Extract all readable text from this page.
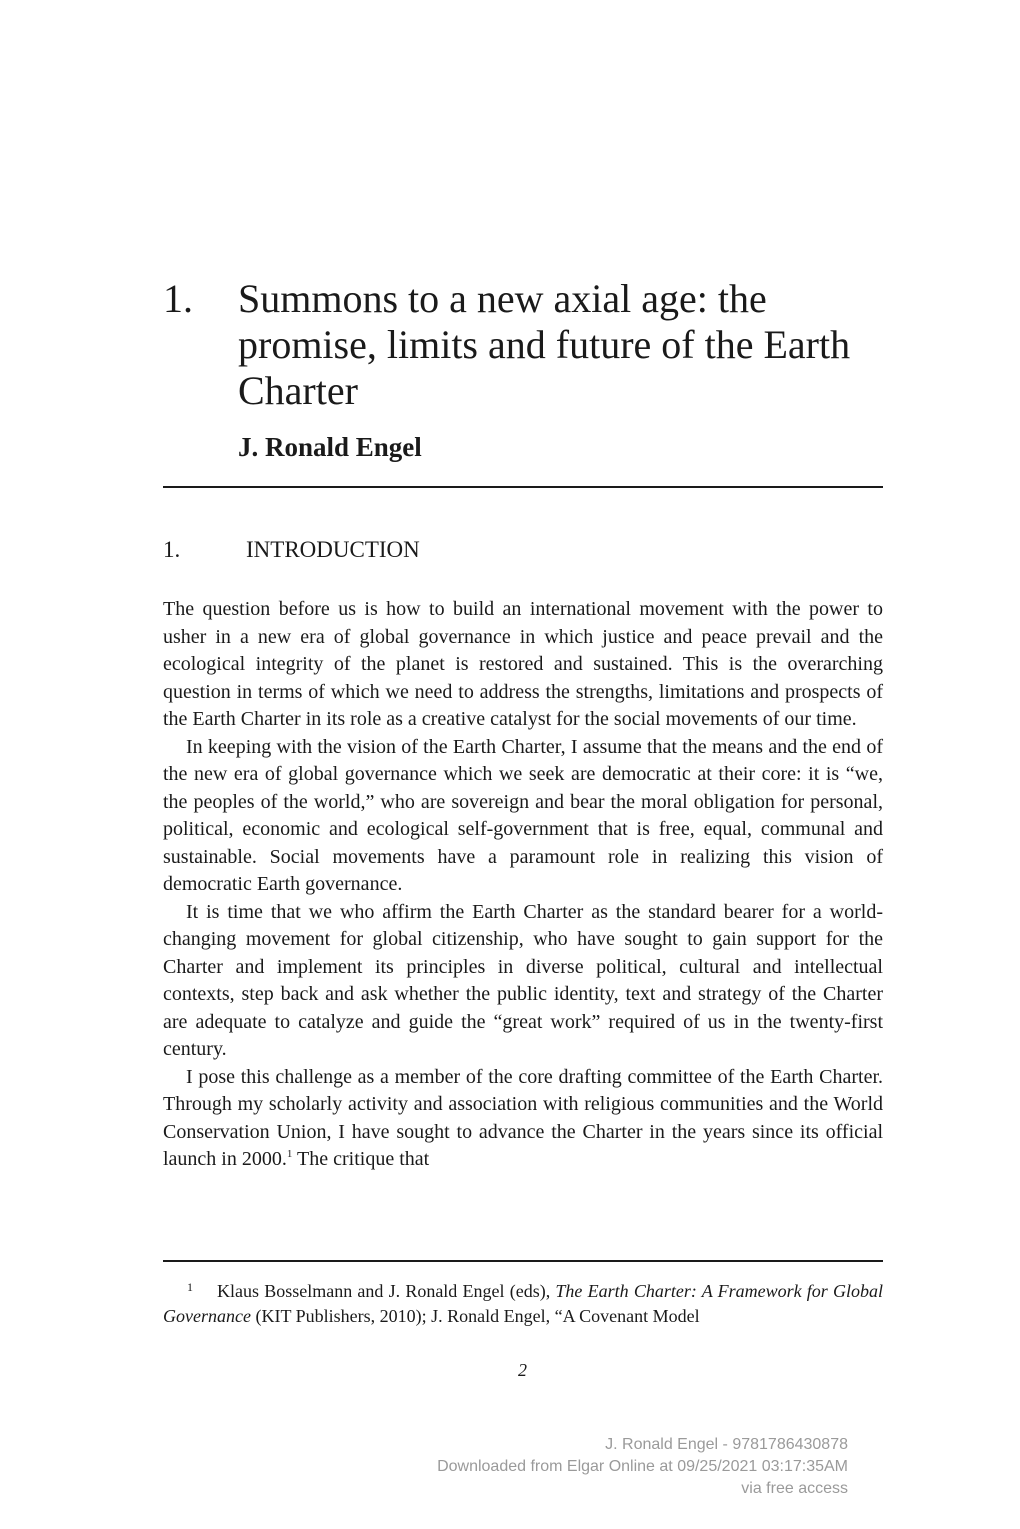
1. Summons to a new axial age: the promise, limits and future of the Earth Charter
J. Ronald Engel
1.	INTRODUCTION

The question before us is how to build an international movement with the power to usher in a new era of global governance in which justice and peace prevail and the ecological integrity of the planet is restored and sustained. This is the overarching question in terms of which we need to address the strengths, limitations and prospects of the Earth Charter in its role as a creative catalyst for the social movements of our time.

In keeping with the vision of the Earth Charter, I assume that the means and the end of the new era of global governance which we seek are democratic at their core: it is “we, the peoples of the world,” who are sovereign and bear the moral obligation for personal, political, economic and ecological self-government that is free, equal, communal and sustainable. Social movements have a paramount role in realizing this vision of democratic Earth governance.

It is time that we who affirm the Earth Charter as the standard bearer for a world-changing movement for global citizenship, who have sought to gain support for the Charter and implement its principles in diverse political, cultural and intellectual contexts, step back and ask whether the public identity, text and strategy of the Charter are adequate to catalyze and guide the “great work” required of us in the twenty-first century.

I pose this challenge as a member of the core drafting committee of the Earth Charter. Through my scholarly activity and association with religious communities and the World Conservation Union, I have sought to advance the Charter in the years since its official launch in 2000.$^1$ The critique that

1 Klaus Bosselmann and J. Ronald Engel (eds), The Earth Charter: A Framework for Global Governance (KIT Publishers, 2010); J. Ronald Engel, “A Covenant Model
2
J. Ronald Engel - 9781786430878
Downloaded from Elgar Online at 09/25/2021 03:17:35AM
via free access
